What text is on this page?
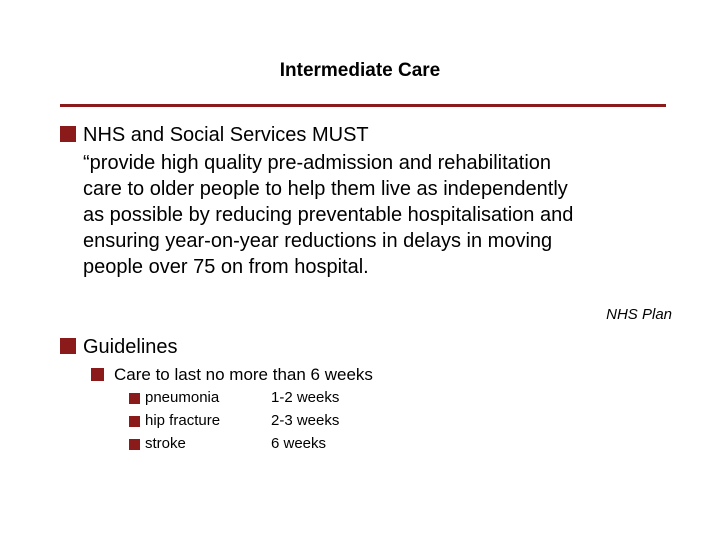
Intermediate Care
NHS and Social Services MUST
“provide high quality pre-admission and rehabilitation
care to older people to help them live as independently
as possible by reducing preventable hospitalisation and
ensuring year-on-year reductions in delays in moving
people over 75 on from hospital.
NHS Plan
Guidelines
Care to last no more than 6 weeks
pneumonia	1-2 weeks
hip fracture	2-3 weeks
stroke	6 weeks
